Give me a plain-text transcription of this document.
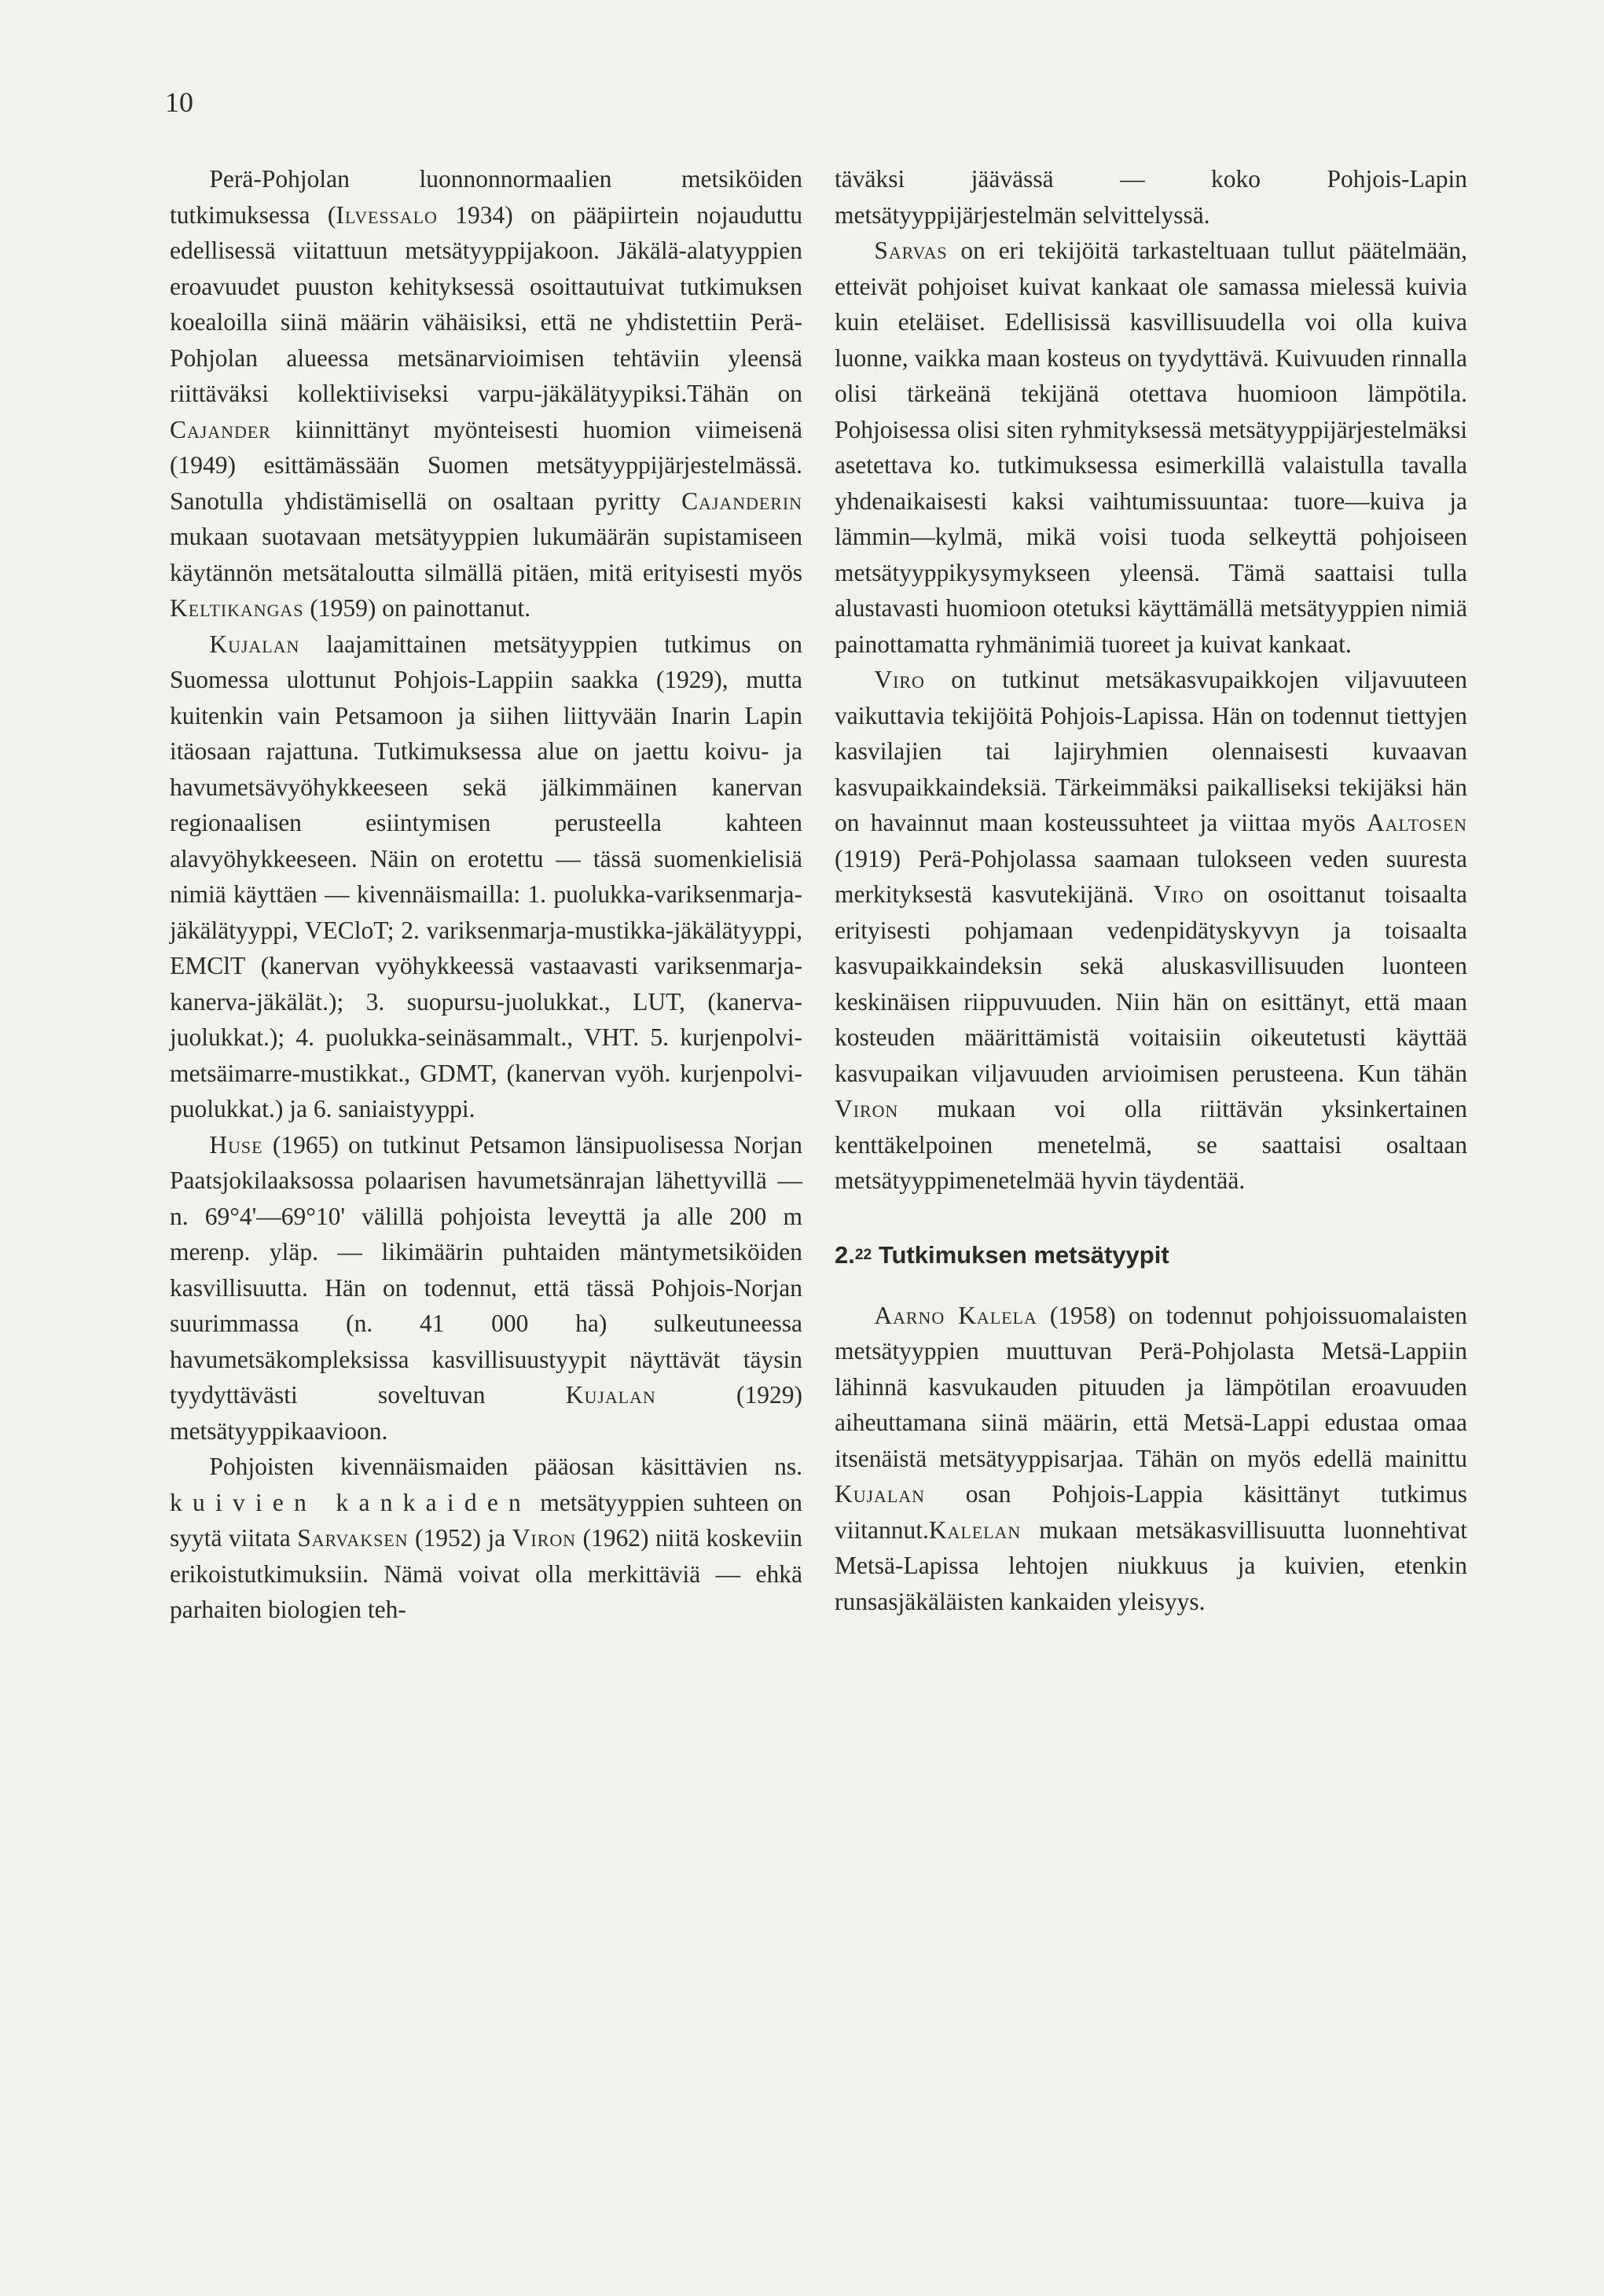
10

Perä-Pohjolan luonnonnormaalien metsiköiden tutkimuksessa (Ilvessalo 1934) on pääpiirtein nojauduttu edellisessä viitattuun metsätyyppijakoon. Jäkälä-alatyyppien eroavuudet puuston kehityksessä osoittautuivat tutkimuksen koealoilla siinä määrin vähäisiksi, että ne yhdistettiin Perä-Pohjolan alueessa metsänarvioimisen tehtäviin yleensä riittäväksi kollektiiviseksi varpu-jäkälätyypiksi.Tähän on Cajander kiinnittänyt myönteisesti huomion viimeisenä (1949) esittämässään Suomen metsätyyppijärjestelmässä. Sanotulla yhdistämisellä on osaltaan pyritty Cajanderin mukaan suotavaan metsätyyppien lukumäärän supistamiseen käytännön metsätaloutta silmällä pitäen, mitä erityisesti myös Keltikangas (1959) on painottanut.

Kujalan laajamittainen metsätyyppien tutkimus on Suomessa ulottunut Pohjois-Lappiin saakka (1929), mutta kuitenkin vain Petsamoon ja siihen liittyvään Inarin Lapin itäosaan rajattuna. Tutkimuksessa alue on jaettu koivu- ja havumetsävyöhykkeeseen sekä jälkimmäinen kanervan regionaalisen esiintymisen perusteella kahteen alavyöhykkeeseen. Näin on erotettu — tässä suomenkielisiä nimiä käyttäen — kivennäismailla: 1. puolukka-variksenmarja-jäkälätyyppi, VECloT; 2. variksenmarja-mustikka-jäkälätyyppi, EMClT (kanervan vyöhykkeessä vastaavasti variksenmarja-kanerva-jäkälät.); 3. suopursu-juolukkat., LUT, (kanerva-juolukkat.); 4. puolukka-seinäsammalt., VHT. 5. kurjenpolvi-metsäimarre-mustikkat., GDMT, (kanervan vyöh. kurjenpolvi-puolukkat.) ja 6. saniaistyyppi.

Huse (1965) on tutkinut Petsamon länsipuolisessa Norjan Paatsjokilaaksossa polaarisen havumetsänrajan lähettyvillä — n. 69°4'—69°10' välillä pohjoista leveyttä ja alle 200 m merenp. yläp. — likimäärin puhtaiden mäntymetsiköiden kasvillisuutta. Hän on todennut, että tässä Pohjois-Norjan suurimmassa (n. 41 000 ha) sulkeutuneessa havumetsäkompleksissa kasvillisuustyypit näyttävät täysin tyydyttävästi soveltuvan Kujalan (1929) metsätyyppikaavioon.

Pohjoisten kivennäismaiden pääosan käsittävien ns. kuivien kankaiden metsätyyppien suhteen on syytä viitata Sarvaksen (1952) ja Viron (1962) niitä koskeviin erikoistutkimuksiin. Nämä voivat olla merkittäviä — ehkä parhaiten biologien teh-

täväksi jäävässä — koko Pohjois-Lapin metsätyyppijärjestelmän selvittelyssä.

Sarvas on eri tekijöitä tarkasteltuaan tullut päätelmään, etteivät pohjoiset kuivat kankaat ole samassa mielessä kuivia kuin eteläiset. Edellisissä kasvillisuudella voi olla kuiva luonne, vaikka maan kosteus on tyydyttävä. Kuivuuden rinnalla olisi tärkeänä tekijänä otettava huomioon lämpötila. Pohjoisessa olisi siten ryhmityksessä metsätyyppijärjestelmäksi asetettava ko. tutkimuksessa esimerkillä valaistulla tavalla yhdenaikaisesti kaksi vaihtumissuuntaa: tuore—kuiva ja lämmin—kylmä, mikä voisi tuoda selkeyttä pohjoiseen metsätyyppikysymykseen yleensä. Tämä saattaisi tulla alustavasti huomioon otetuksi käyttämällä metsätyyppien nimiä painottamatta ryhmänimiä tuoreet ja kuivat kankaat.

Viro on tutkinut metsäkasvupaikkojen viljavuuteen vaikuttavia tekijöitä Pohjois-Lapissa. Hän on todennut tiettyjen kasvilajien tai lajiryhmien olennaisesti kuvaavan kasvupaikkaindeksiä. Tärkeimmäksi paikalliseksi tekijäksi hän on havainnut maan kosteussuhteet ja viittaa myös Aaltosen (1919) Perä-Pohjolassa saamaan tulokseen veden suuresta merkityksestä kasvutekijänä. Viro on osoittanut toisaalta erityisesti pohjamaan vedenpidätyskyvyn ja toisaalta kasvupaikkaindeksin sekä aluskasvillisuuden luonteen keskinäisen riippuvuuden. Niin hän on esittänyt, että maan kosteuden määrittämistä voitaisiin oikeutetusti käyttää kasvupaikan viljavuuden arvioimisen perusteena. Kun tähän Viron mukaan voi olla riittävän yksinkertainen kenttäkelpoinen menetelmä, se saattaisi osaltaan metsätyyppimenetelmää hyvin täydentää.

2.22 Tutkimuksen metsätyypit

Aarno Kalela (1958) on todennut pohjoissuomalaisten metsätyyppien muuttuvan Perä-Pohjolasta Metsä-Lappiin lähinnä kasvukauden pituuden ja lämpötilan eroavuuden aiheuttamana siinä määrin, että Metsä-Lappi edustaa omaa itsenäistä metsätyyppisarjaa. Tähän on myös edellä mainittu Kujalan osan Pohjois-Lappia käsittänyt tutkimus viitannut.Kalelan mukaan metsäkasvillisuutta luonnehtivat Metsä-Lapissa lehtojen niukkuus ja kuivien, etenkin runsasjäkäläisten kankaiden yleisyys.
